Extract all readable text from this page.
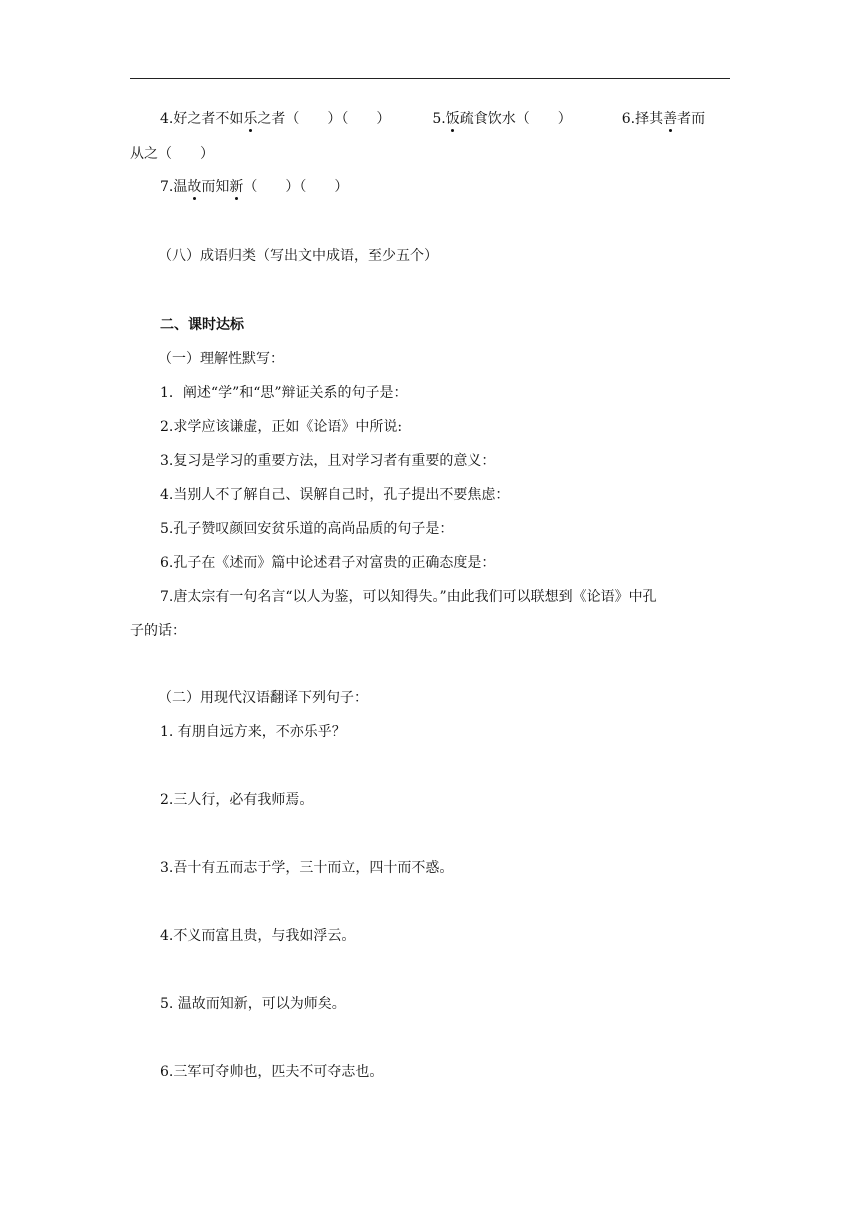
4.好之者不如乐之者（　　）（　　）	5.饭疏食饮水（　　）	6.择其善者而
从之（　　）
7.温故而知新（　　）（　　）
（八）成语归类（写出文中成语，至少五个）
二、课时达标
（一）理解性默写：
1．阐述“学”和“思”辩证关系的句子是：
2.求学应该谦虚，正如《论语》中所说:
3.复习是学习的重要方法，且对学习者有重要的意义：
4.当别人不了解自己、误解自己时，孔子提出不要焦虑：
5.孔子赞叹颜回安贫乐道的高尚品质的句子是：
6.孔子在《述而》篇中论述君子对富贵的正确态度是：
7.唐太宗有一句名言“以人为鉴，可以知得失。”由此我们可以联想到《论语》中孔
子的话：
（二）用现代汉语翻译下列句子：
1. 有朋自远方来，不亦乐乎？
2.三人行，必有我师焉。
3.吾十有五而志于学，三十而立，四十而不惑。
4.不义而富且贵，与我如浮云。
5. 温故而知新，可以为师矣。
6.三军可夺帅也，匹夫不可夺志也。
